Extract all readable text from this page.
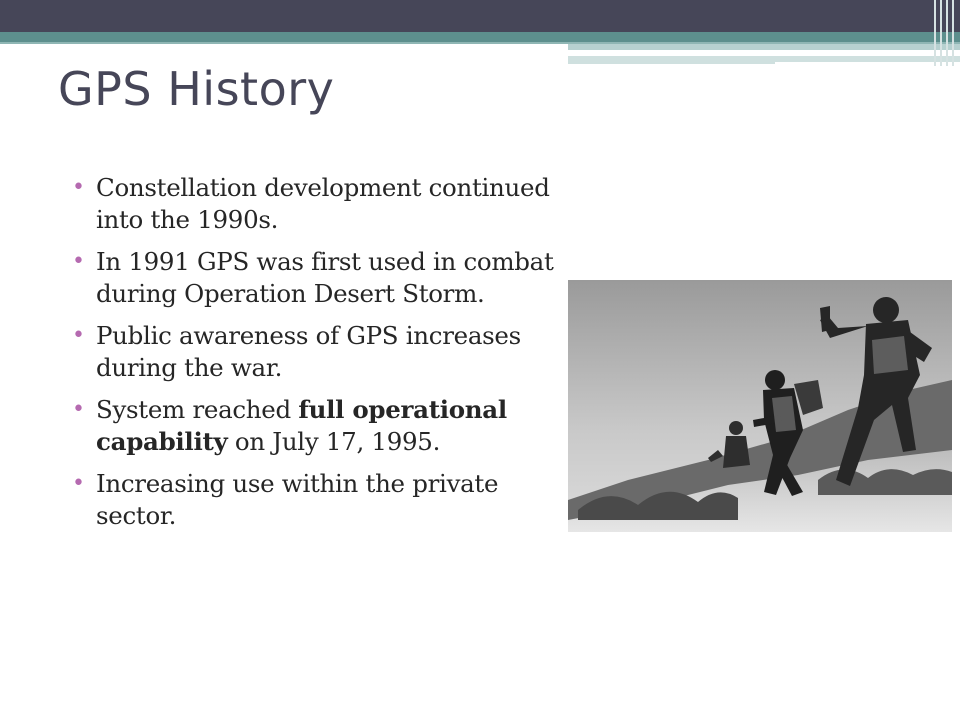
GPS History
• Constellation development continued into the 1990s.
• In 1991 GPS was first used in combat during Operation Desert Storm.
• Public awareness of GPS increases during the war.
• System reached full operational capability on July 17, 1995.
• Increasing use within the private sector.
